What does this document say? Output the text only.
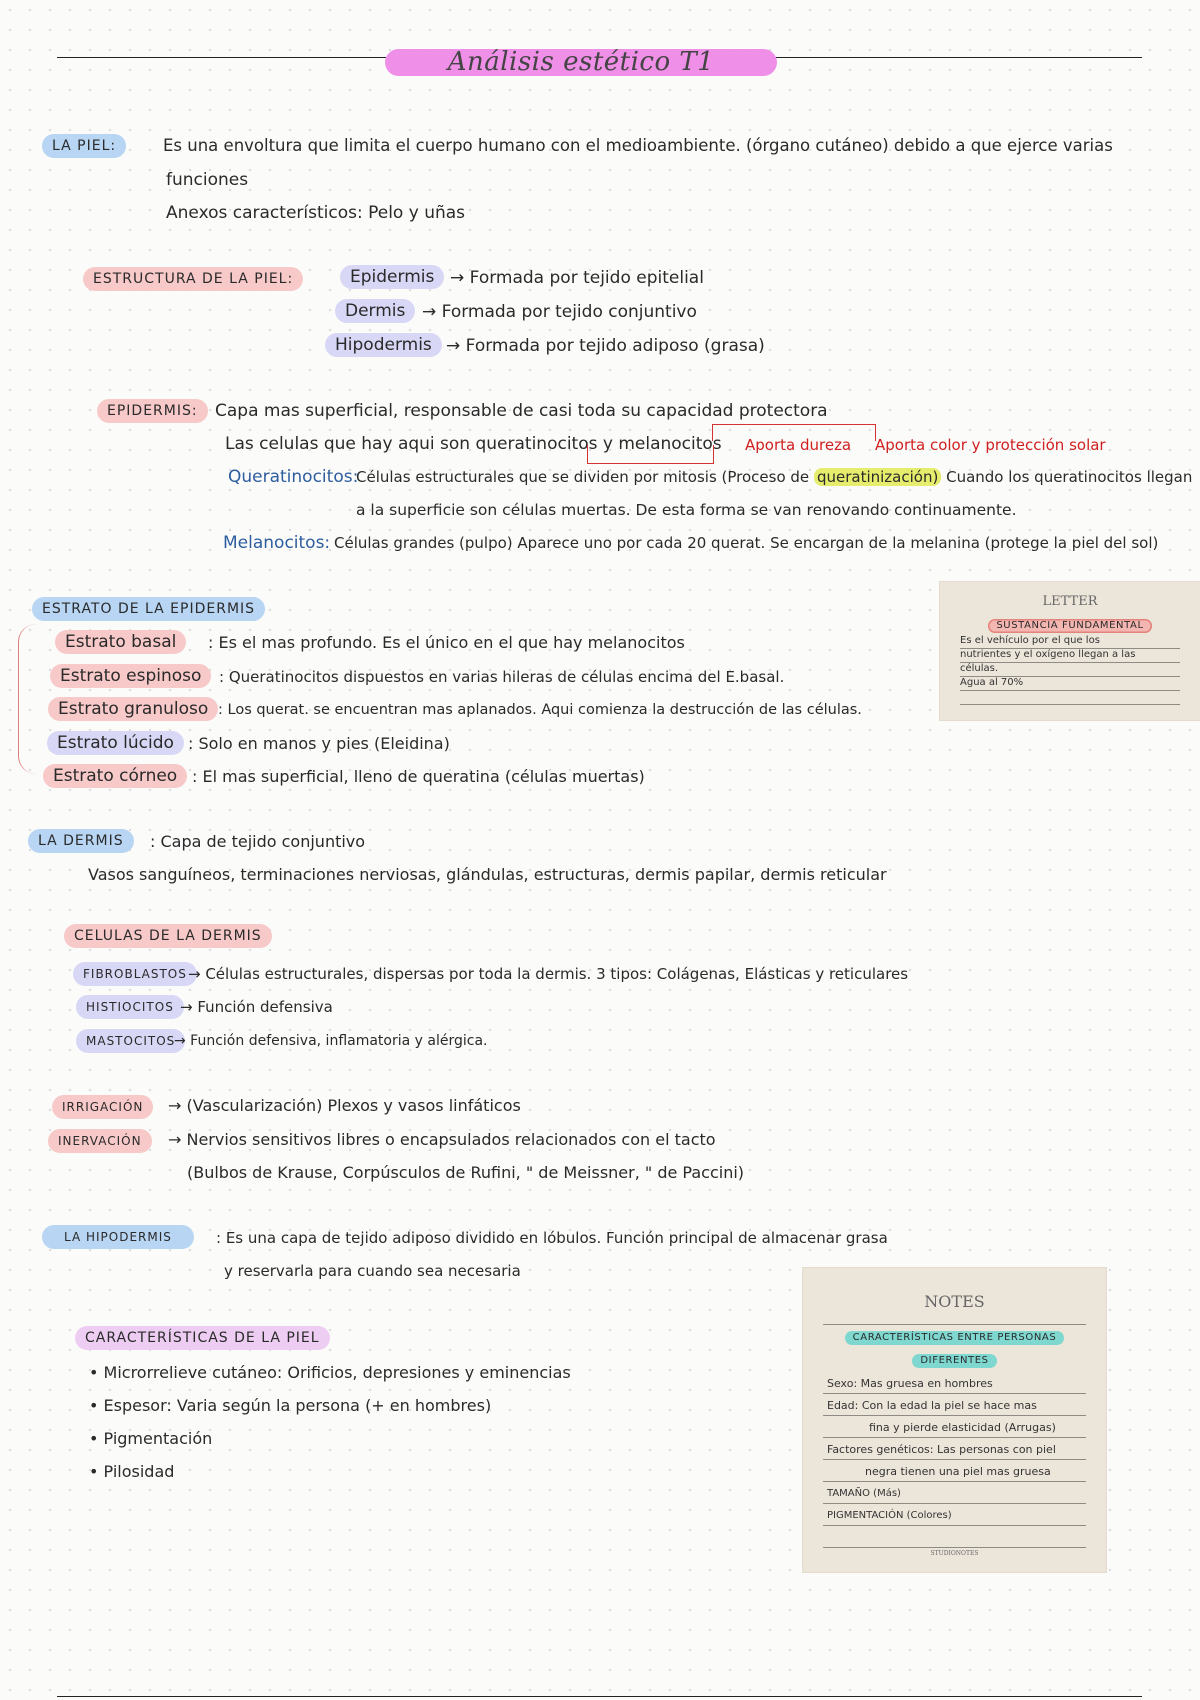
Análisis estético T1
LA PIEL:	Es una envoltura que limita el cuerpo humano con el medioambiente. (órgano cutáneo) debido a que ejerce varias
funciones
Anexos característicos: Pelo y uñas
ESTRUCTURA DE LA PIEL:	Epidermis → Formada por tejido epitelial
Dermis → Formada por tejido conjuntivo
Hipodermis → Formada por tejido adiposo (grasa)
EPIDERMIS:	Capa mas superficial, responsable de casi toda su capacidad protectora
Las celulas que hay aqui son queratinocitos y melanocitos Aporta dureza Aporta color y protección solar
Queratinocitos:
Células estructurales que se dividen por mitosis (Proceso de queratinización) Cuando los queratinocitos llegan
a la superficie son células muertas. De esta forma se van renovando continuamente.
Melanocitos: Células grandes (pulpo) Aparece uno por cada 20 querat. Se encargan de la melanina (protege la piel del sol)
ESTRATO DE LA EPIDERMIS
Estrato basal	: Es el mas profundo. Es el único en el que hay melanocitos
Estrato espinoso	: Queratinocitos dispuestos en varias hileras de células encima del E.basal.
Estrato granuloso : Los querat. se encuentran mas aplanados. Aqui comienza la destrucción de las células.
Estrato lúcido : Solo en manos y pies (Eleidina)
Estrato córneo : El mas superficial, lleno de queratina (células muertas)
LETTER
SUSTANCIA FUNDAMENTAL
Es el vehículo por el que los
nutrientes y el oxígeno llegan a las
células.
Agua al 70%
LA DERMIS	: Capa de tejido conjuntivo
Vasos sanguíneos, terminaciones nerviosas, glándulas, estructuras, dermis papilar, dermis reticular
CELULAS DE LA DERMIS
FIBROBLASTOS → Células estructurales, dispersas por toda la dermis. 3 tipos: Colágenas, Elásticas y reticulares
HISTIOCITOS → Función defensiva
MASTOCITOS
→ Función defensiva, inflamatoria y alérgica.
IRRIGACIÓN	→ (Vascularización) Plexos y vasos linfáticos
INERVACIÓN	→ Nervios sensitivos libres o encapsulados relacionados con el tacto
(Bulbos de Krause, Corpúsculos de Rufini, " de Meissner, " de Paccini)
LA HIPODERMIS	: Es una capa de tejido adiposo dividido en lóbulos. Función principal de almacenar grasa
y reservarla para cuando sea necesaria
CARACTERÍSTICAS DE LA PIEL
• Microrrelieve cutáneo: Orificios, depresiones y eminencias
• Espesor: Varia según la persona (+ en hombres)
• Pigmentación
• Pilosidad
NOTES
CARACTERÍSTICAS ENTRE PERSONAS
DIFERENTES
Sexo: Mas gruesa en hombres
Edad: Con la edad la piel se hace mas
fina y pierde elasticidad (Arrugas)
Factores genéticos: Las personas con piel
negra tienen una piel mas gruesa
TAMAÑO (Más)
PIGMENTACIÓN (Colores)
STUDIONOTES
